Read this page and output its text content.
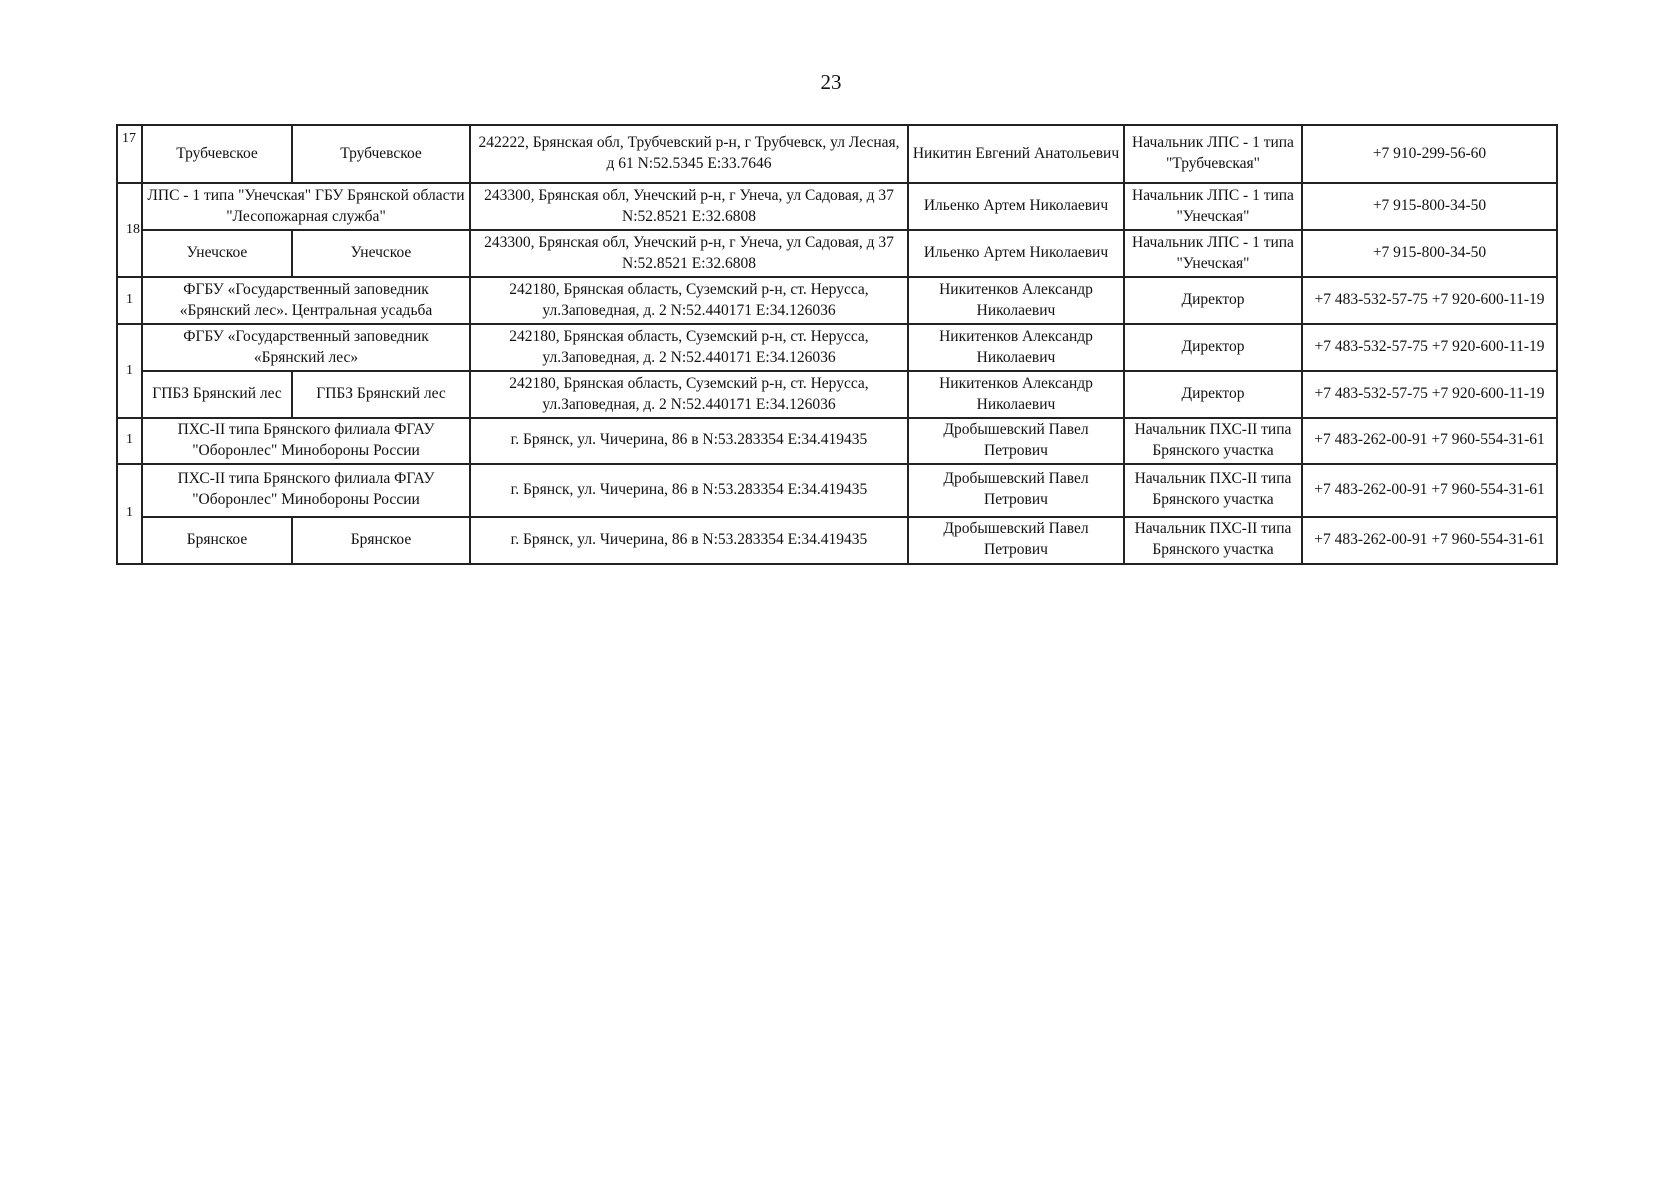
23
17	Трубчевское	Трубчевское	242222, Брянская обл, Трубчевский р-н, г Трубчевск, ул Лесная, д 61 N:52.5345 E:33.7646	Никитин Евгений Анатольевич	Начальник ЛПС - 1 типа "Трубчевская"	+7 910-299-56-60
18	ЛПС - 1 типа "Унечская" ГБУ Брянской области "Лесопожарная служба"		243300, Брянская обл, Унечский р-н, г Унеча, ул Садовая, д 37 N:52.8521 E:32.6808	Ильенко Артем Николаевич	Начальник ЛПС - 1 типа "Унечская"	+7 915-800-34-50
	Унечское	Унечское	243300, Брянская обл, Унечский р-н, г Унеча, ул Садовая, д 37 N:52.8521 E:32.6808	Ильенко Артем Николаевич	Начальник ЛПС - 1 типа "Унечская"	+7 915-800-34-50
1	ФГБУ «Государственный заповедник «Брянский лес». Центральная усадьба		242180, Брянская область, Суземский р-н, ст. Нерусса, ул.Заповедная, д. 2 N:52.440171 E:34.126036	Никитенков Александр Николаевич	Директор	+7 483-532-57-75 +7 920-600-11-19
1	ФГБУ «Государственный заповедник «Брянский лес»		242180, Брянская область, Суземский р-н, ст. Нерусса, ул.Заповедная, д. 2 N:52.440171 E:34.126036	Никитенков Александр Николаевич	Директор	+7 483-532-57-75 +7 920-600-11-19
	ГПБЗ Брянский лес	ГПБЗ Брянский лес	242180, Брянская область, Суземский р-н, ст. Нерусса, ул.Заповедная, д. 2 N:52.440171 E:34.126036	Никитенков Александр Николаевич	Директор	+7 483-532-57-75 +7 920-600-11-19
1	ПХС-II типа Брянского филиала ФГАУ "Оборонлес" Минобороны России		г. Брянск, ул. Чичерина, 86 в N:53.283354 E:34.419435	Дробышевский Павел Петрович	Начальник ПХС-II типа Брянского участка	+7 483-262-00-91 +7 960-554-31-61
1	ПХС-II типа Брянского филиала ФГАУ "Оборонлес" Минобороны России		г. Брянск, ул. Чичерина, 86 в N:53.283354 E:34.419435	Дробышевский Павел Петрович	Начальник ПХС-II типа Брянского участка	+7 483-262-00-91 +7 960-554-31-61
	Брянское	Брянское	г. Брянск, ул. Чичерина, 86 в N:53.283354 E:34.419435	Дробышевский Павел Петрович	Начальник ПХС-II типа Брянского участка	+7 483-262-00-91 +7 960-554-31-61
